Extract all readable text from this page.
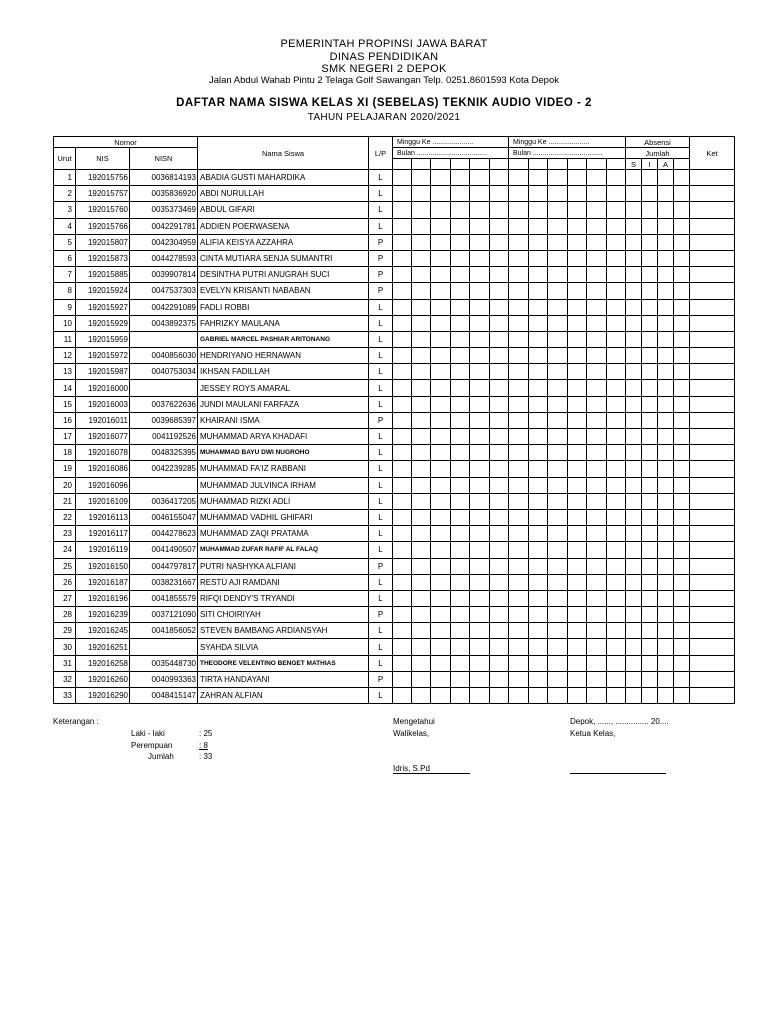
PEMERINTAH PROPINSI JAWA BARAT
DINAS PENDIDIKAN
SMK NEGERI 2 DEPOK
Jalan Abdul Wahab Pintu 2 Telaga Golf Sawangan Telp. 0251.8601593 Kota Depok
DAFTAR NAMA SISWA KELAS XI (SEBELAS) TEKNIK AUDIO VIDEO - 2
TAHUN PELAJARAN 2020/2021
Nomor			Nama Siswa	L/P	Minggu Ke .....................						Minggu Ke .....................						Absensi				Ket
Urut	NIS	NISN			Bulan ....................................						Bulan ....................................						Jumlah				
																	S	I	A		
1	192015756	0036814193	ABADIA GUSTI MAHARDIKA	L																	
2	192015757	0035836920	ABDI NURULLAH	L																	
3	192015760	0035373469	ABDUL GIFARI	L																	
4	192015766	0042291781	ADDIEN POERWASENA	L																	
5	192015807	0042304959	ALIFIA KEISYA AZZAHRA	P																	
6	192015873	0044278593	CINTA MUTIARA SENJA SUMANTRI	P																	
7	192015885	0039907814	DESINTHA PUTRI ANUGRAH SUCI	P																	
8	192015924	0047537303	EVELYN KRISANTI NABABAN	P																	
9	192015927	0042291089	FADLI ROBBI	L																	
10	192015929	0043892375	FAHRIZKY MAULANA	L																	
11	192015959		GABRIEL MARCEL PASHIAR ARITONANG	L																	
12	192015972	0040856030	HENDRIYANO HERNAWAN	L																	
13	192015987	0040753034	IKHSAN FADILLAH	L																	
14	192016000		JESSEY ROYS AMARAL	L																	
15	192016003	0037622636	JUNDI MAULANI FARFAZA	L																	
16	192016011	0039685397	KHAIRANI ISMA	P																	
17	192016077	0041192526	MUHAMMAD ARYA KHADAFI	L																	
18	192016078	0048325395	MUHAMMAD BAYU DWI NUGROHO	L																	
19	192016086	0042239285	MUHAMMAD FA'IZ RABBANI	L																	
20	192016096		MUHAMMAD JULVINCA IRHAM	L																	
21	192016109	0036417205	MUHAMMAD RIZKI ADLI	L																	
22	192016113	0046155047	MUHAMMAD VADHIL GHIFARI	L																	
23	192016117	0044278623	MUHAMMAD ZAQI PRATAMA	L																	
24	192016119	0041490507	MUHAMMAD ZUFAR RAFIF AL FALAQ	L																	
25	192016150	0044797817	PUTRI NASHYKA ALFIANI	P																	
26	192016187	0038231667	RESTU AJI RAMDANI	L																	
27	192016196	0041855579	RIFQI DENDY'S TRYANDI	L																	
28	192016239	0037121090	SITI CHOIRIYAH	P																	
29	192016245	0041856052	STEVEN BAMBANG ARDIANSYAH	L																	
30	192016251		SYAHDA SILVIA	L																	
31	192016258	0035448730	THEODORE VELENTINO BENGET MATHIAS	L																	
32	192016260	0040993363	TIRTA HANDAYANI	P																	
33	192016290	0048415147	ZAHRAN ALFIAN	L																	
Keterangan :
Laki - laki	: 25
Perempuan	: 8
Jumlah	: 33
Mengetahui
Walikelas,
Idris, S.Pd
Depok, ......, ............... 20....
Ketua Kelas,
